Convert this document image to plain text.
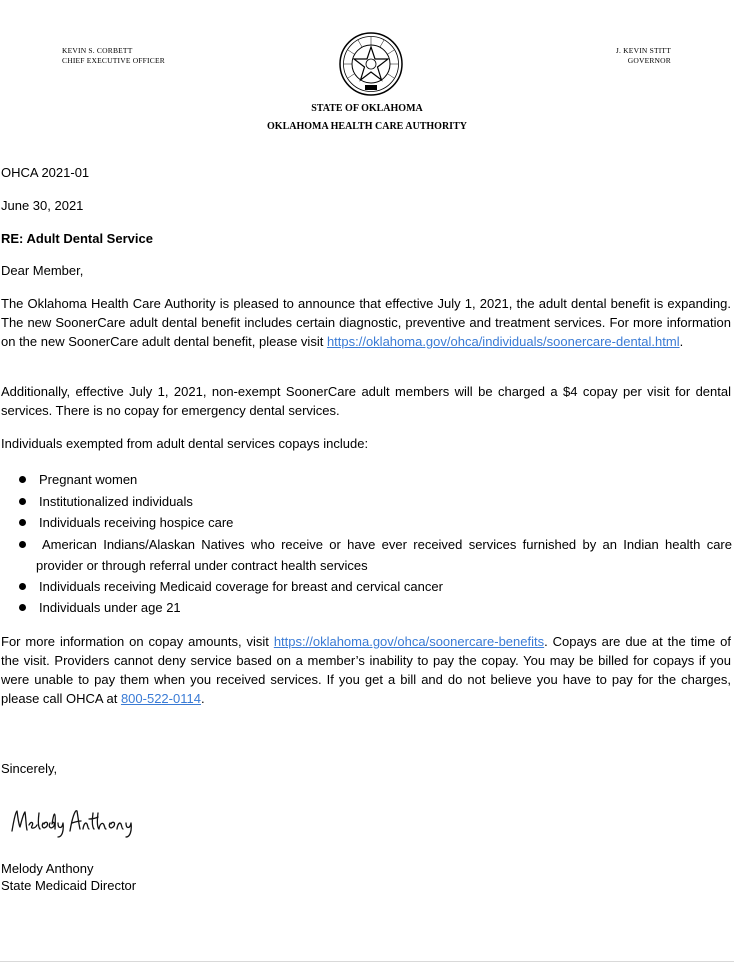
KEVIN S. CORBETT
CHIEF EXECUTIVE OFFICER
J. KEVIN STITT
GOVERNOR
STATE OF OKLAHOMA
OKLAHOMA HEALTH CARE AUTHORITY
OHCA 2021-01
June 30, 2021
RE: Adult Dental Service
Dear Member,
The Oklahoma Health Care Authority is pleased to announce that effective July 1, 2021, the adult dental benefit is expanding. The new SoonerCare adult dental benefit includes certain diagnostic, preventive and treatment services. For more information on the new SoonerCare adult dental benefit, please visit https://oklahoma.gov/ohca/individuals/soonercare-dental.html.
Additionally, effective July 1, 2021, non-exempt SoonerCare adult members will be charged a $4 copay per visit for dental services. There is no copay for emergency dental services.
Individuals exempted from adult dental services copays include:
Pregnant women
Institutionalized individuals
Individuals receiving hospice care
American Indians/Alaskan Natives who receive or have ever received services furnished by an Indian health care provider or through referral under contract health services
Individuals receiving Medicaid coverage for breast and cervical cancer
Individuals under age 21
For more information on copay amounts, visit https://oklahoma.gov/ohca/soonercare-benefits. Copays are due at the time of the visit. Providers cannot deny service based on a member’s inability to pay the copay. You may be billed for copays if you were unable to pay them when you received services. If you get a bill and do not believe you have to pay for the charges, please call OHCA at 800-522-0114.
Sincerely,
Melody Anthony
State Medicaid Director
